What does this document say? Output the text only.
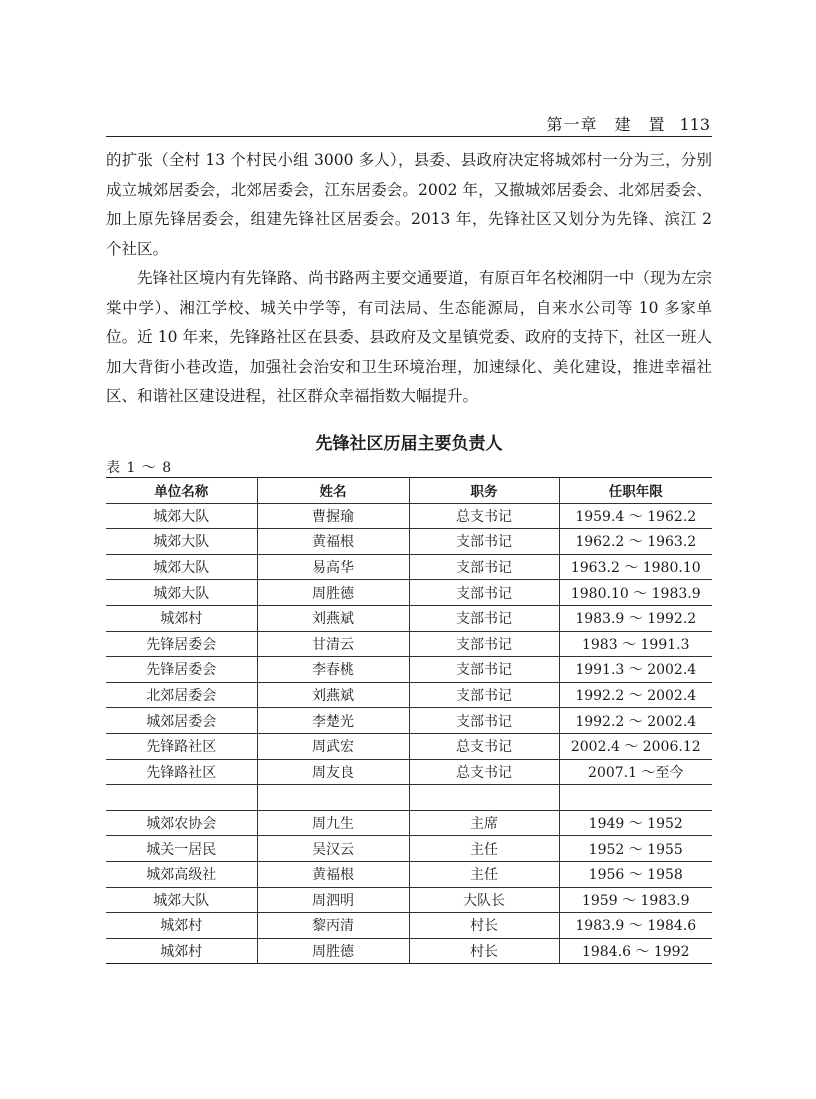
第一章　建　置 113

的扩张（全村 13 个村民小组 3000 多人），县委、县政府决定将城郊村一分为三，分别成立城郊居委会，北郊居委会，江东居委会。2002 年，又撤城郊居委会、北郊居委会、加上原先锋居委会，组建先锋社区居委会。2013 年，先锋社区又划分为先锋、滨江 2 个社区。

先锋社区境内有先锋路、尚书路两主要交通要道，有原百年名校湘阴一中（现为左宗棠中学）、湘江学校、城关中学等，有司法局、生态能源局，自来水公司等 10 多家单位。近 10 年来，先锋路社区在县委、县政府及文星镇党委、政府的支持下，社区一班人加大背街小巷改造，加强社会治安和卫生环境治理，加速绿化、美化建设，推进幸福社区、和谐社区建设进程，社区群众幸福指数大幅提升。

先锋社区历届主要负责人
表 1 ～ 8
单位名称	姓名	职务	任职年限
城郊大队	曹握瑜	总支书记	1959.4 ～ 1962.2
城郊大队	黄福根	支部书记	1962.2 ～ 1963.2
城郊大队	易高华	支部书记	1963.2 ～ 1980.10
城郊大队	周胜德	支部书记	1980.10 ～ 1983.9
城郊村	刘燕斌	支部书记	1983.9 ～ 1992.2
先锋居委会	甘清云	支部书记	1983 ～ 1991.3
先锋居委会	李春桃	支部书记	1991.3 ～ 2002.4
北郊居委会	刘燕斌	支部书记	1992.2 ～ 2002.4
城郊居委会	李楚光	支部书记	1992.2 ～ 2002.4
先锋路社区	周武宏	总支书记	2002.4 ～ 2006.12
先锋路社区	周友良	总支书记	2007.1 ～至今

城郊农协会	周九生	主席	1949 ～ 1952
城关一居民	吴汉云	主任	1952 ～ 1955
城郊高级社	黄福根	主任	1956 ～ 1958
城郊大队	周泗明	大队长	1959 ～ 1983.9
城郊村	黎丙清	村长	1983.9 ～ 1984.6
城郊村	周胜德	村长	1984.6 ～ 1992
